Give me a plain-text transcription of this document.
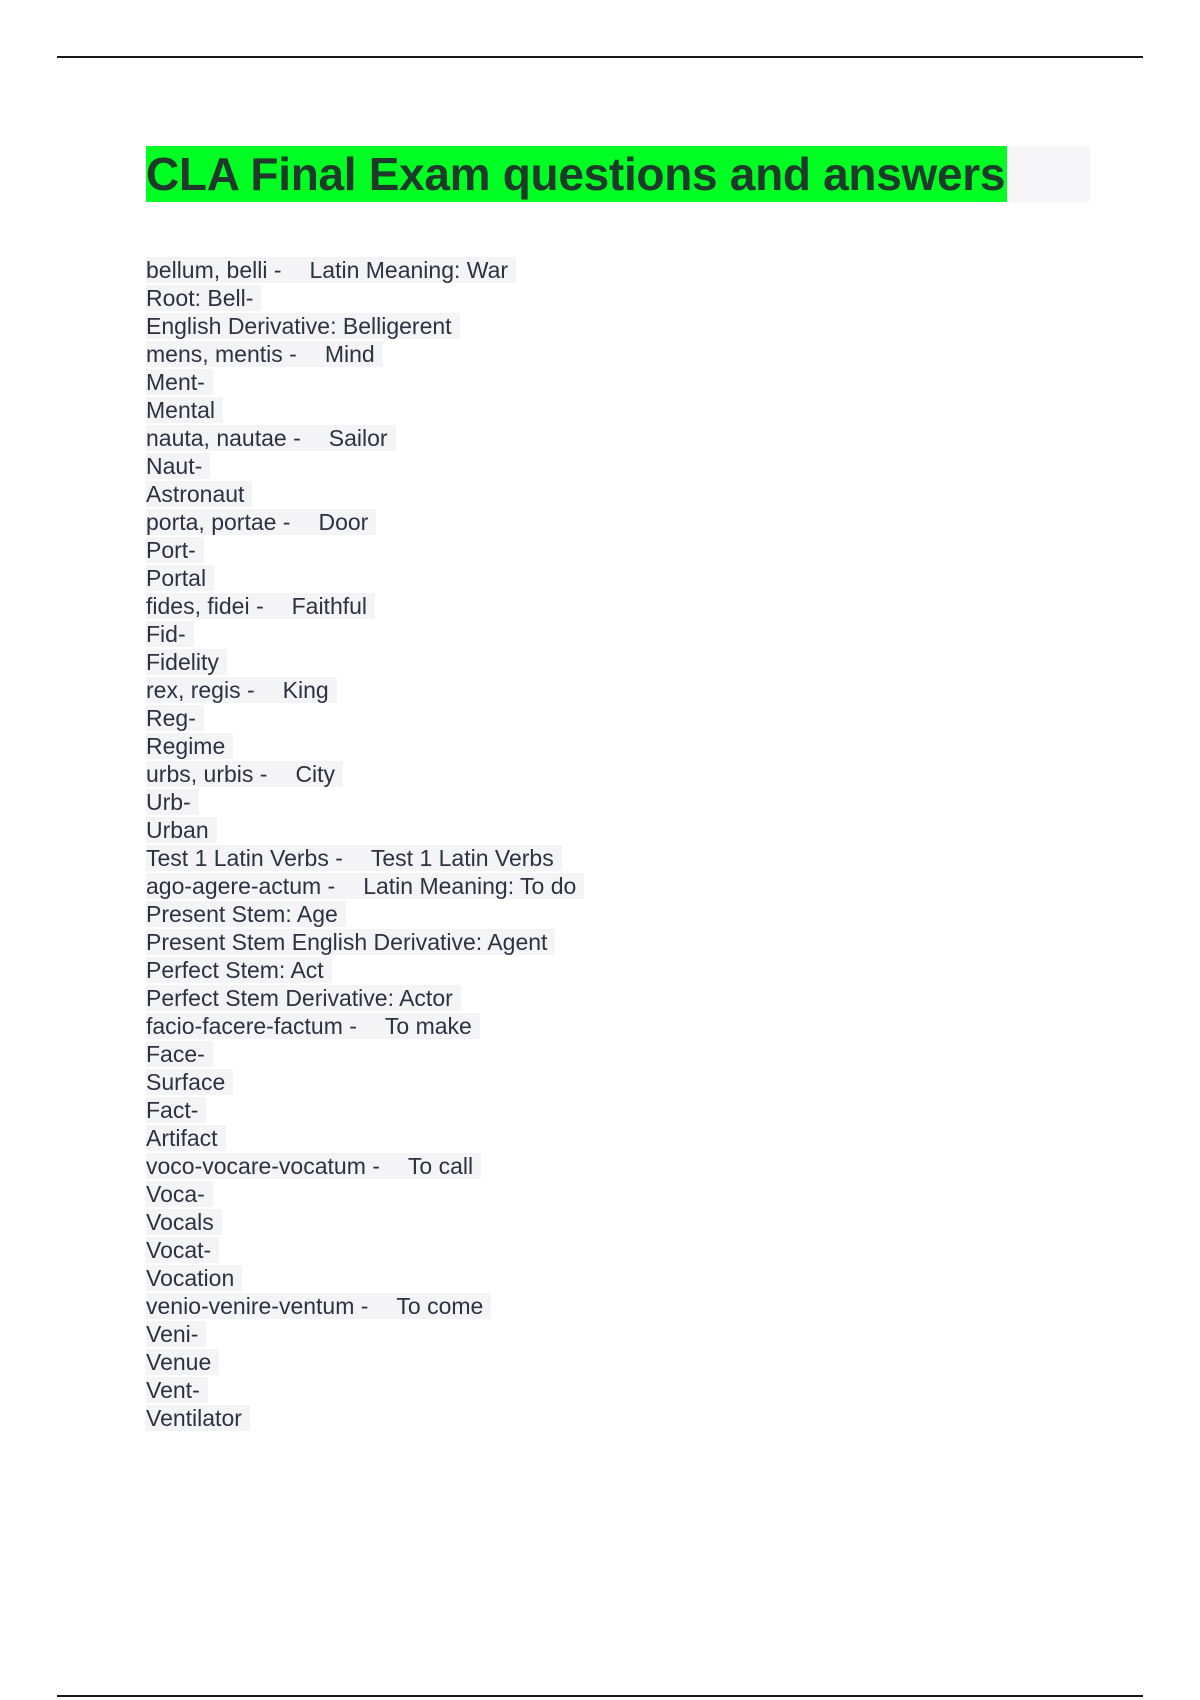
CLA Final Exam questions and answers
bellum, belli - Latin Meaning: War
Root: Bell-
English Derivative: Belligerent
mens, mentis - Mind
Ment-
Mental
nauta, nautae - Sailor
Naut-
Astronaut
porta, portae - Door
Port-
Portal
fides, fidei - Faithful
Fid-
Fidelity
rex, regis - King
Reg-
Regime
urbs, urbis - City
Urb-
Urban
Test 1 Latin Verbs - Test 1 Latin Verbs
ago-agere-actum - Latin Meaning: To do
Present Stem: Age
Present Stem English Derivative: Agent
Perfect Stem: Act
Perfect Stem Derivative: Actor
facio-facere-factum - To make
Face-
Surface
Fact-
Artifact
voco-vocare-vocatum - To call
Voca-
Vocals
Vocat-
Vocation
venio-venire-ventum - To come
Veni-
Venue
Vent-
Ventilator
